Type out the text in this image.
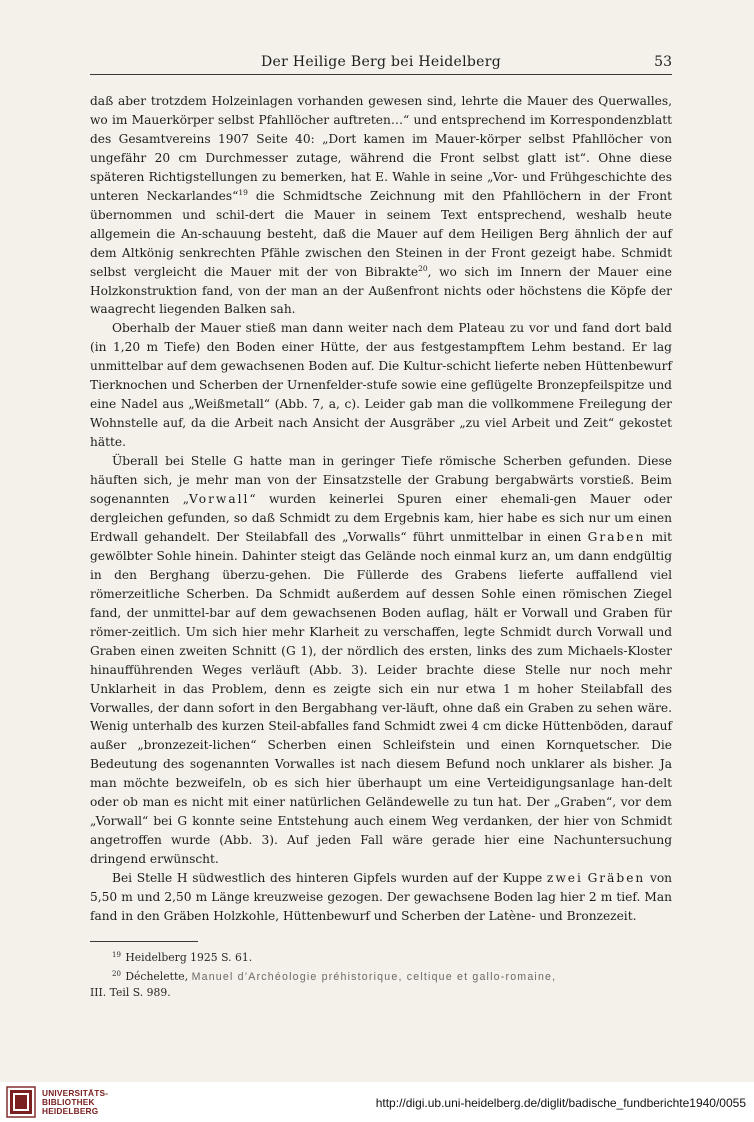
Der Heilige Berg bei Heidelberg	53

daß aber trotzdem Holzeinlagen vorhanden gewesen sind, lehrte die Mauer des Querwalles, wo im Mauerkörper selbst Pfahllöcher auftreten…“ und entsprechend im Korrespondenzblatt des Gesamtvereins 1907 Seite 40: „Dort kamen im Mauer‐körper selbst Pfahllöcher von ungefähr 20 cm Durchmesser zutage, während die Front selbst glatt ist“. Ohne diese späteren Richtigstellungen zu bemerken, hat E. Wahle in seine „Vor‐ und Frühgeschichte des unteren Neckarlandes“$^{19}$ die Schmidtsche Zeichnung mit den Pfahllöchern in der Front übernommen und schil‐dert die Mauer in seinem Text entsprechend, weshalb heute allgemein die An‐schauung besteht, daß die Mauer auf dem Heiligen Berg ähnlich der auf dem Altkönig senkrechten Pfähle zwischen den Steinen in der Front gezeigt habe. Schmidt selbst vergleicht die Mauer mit der von Bibrakte$^{20}$, wo sich im Innern der Mauer eine Holzkonstruktion fand, von der man an der Außenfront nichts oder höchstens die Köpfe der waagrecht liegenden Balken sah.

Oberhalb der Mauer stieß man dann weiter nach dem Plateau zu vor und fand dort bald (in 1,20 m Tiefe) den Boden einer Hütte, der aus festgestampftem Lehm bestand. Er lag unmittelbar auf dem gewachsenen Boden auf. Die Kultur‐schicht lieferte neben Hüttenbewurf Tierknochen und Scherben der Urnenfelder‐stufe sowie eine geflügelte Bronzepfeilspitze und eine Nadel aus „Weißmetall“ (Abb. 7, a, c). Leider gab man die vollkommene Freilegung der Wohnstelle auf, da die Arbeit nach Ansicht der Ausgräber „zu viel Arbeit und Zeit“ gekostet hätte.

Überall bei Stelle G hatte man in geringer Tiefe römische Scherben gefunden. Diese häuften sich, je mehr man von der Einsatzstelle der Grabung bergabwärts vorstieß. Beim sogenannten „Vorwall“ wurden keinerlei Spuren einer ehemali‐gen Mauer oder dergleichen gefunden, so daß Schmidt zu dem Ergebnis kam, hier habe es sich nur um einen Erdwall gehandelt. Der Steilabfall des „Vorwalls“ führt unmittelbar in einen Graben mit gewölbter Sohle hinein. Dahinter steigt das Gelände noch einmal kurz an, um dann endgültig in den Berghang überzu‐gehen. Die Füllerde des Grabens lieferte auffallend viel römerzeitliche Scherben. Da Schmidt außerdem auf dessen Sohle einen römischen Ziegel fand, der unmittel‐bar auf dem gewachsenen Boden auflag, hält er Vorwall und Graben für römer‐zeitlich. Um sich hier mehr Klarheit zu verschaffen, legte Schmidt durch Vorwall und Graben einen zweiten Schnitt (G 1), der nördlich des ersten, links des zum Michaels‐Kloster hinaufführenden Weges verläuft (Abb. 3). Leider brachte diese Stelle nur noch mehr Unklarheit in das Problem, denn es zeigte sich ein nur etwa 1 m hoher Steilabfall des Vorwalles, der dann sofort in den Bergabhang ver‐läuft, ohne daß ein Graben zu sehen wäre. Wenig unterhalb des kurzen Steil‐abfalles fand Schmidt zwei 4 cm dicke Hüttenböden, darauf außer „bronzezeit‐lichen“ Scherben einen Schleifstein und einen Kornquetscher. Die Bedeutung des sogenannten Vorwalles ist nach diesem Befund noch unklarer als bisher. Ja man möchte bezweifeln, ob es sich hier überhaupt um eine Verteidigungsanlage han‐delt oder ob man es nicht mit einer natürlichen Geländewelle zu tun hat. Der „Graben“, vor dem „Vorwall“ bei G konnte seine Entstehung auch einem Weg verdanken, der hier von Schmidt angetroffen wurde (Abb. 3). Auf jeden Fall wäre gerade hier eine Nachuntersuchung dringend erwünscht.

Bei Stelle H südwestlich des hinteren Gipfels wurden auf der Kuppe zwei Gräben von 5,50 m und 2,50 m Länge kreuzweise gezogen. Der gewachsene Boden lag hier 2 m tief. Man fand in den Gräben Holzkohle, Hüttenbewurf und Scherben der Latène‐ und Bronzezeit.

$^{19}$ Heidelberg 1925 S. 61.
$^{20}$ Déchelette, Manuel d’Archéologie préhistorique, celtique et gallo-romaine,
III. Teil S. 989.
UNIVERSITÄTS-
BIBLIOTHEK
HEIDELBERG
http://digi.ub.uni-heidelberg.de/diglit/badische_fundberichte1940/0055
